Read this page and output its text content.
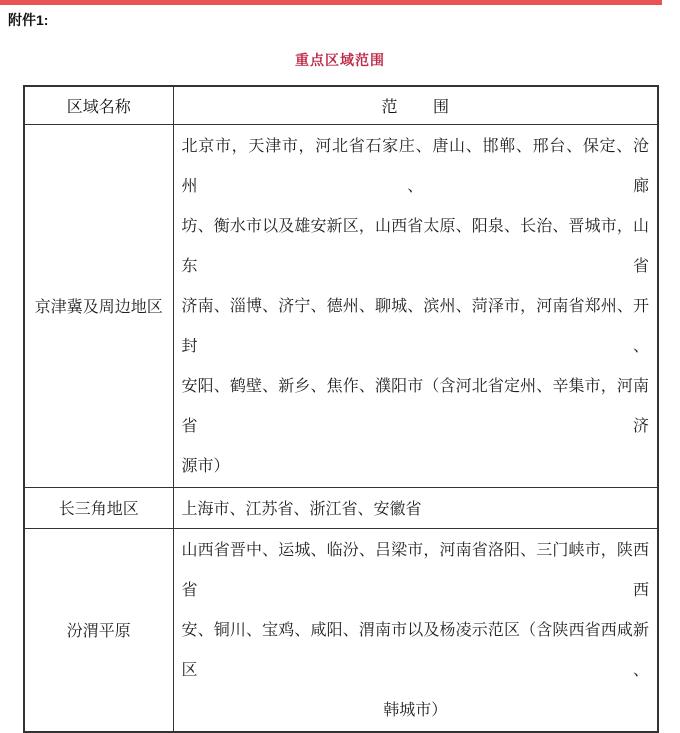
附件1:
重点区域范围
区域名称	范        围
京津冀及周边地区	北京市，天津市，河北省石家庄、唐山、邯郸、邢台、保定、沧州、廊
坊、衡水市以及雄安新区，山西省太原、阳泉、长治、晋城市，山东省
济南、淄博、济宁、德州、聊城、滨州、菏泽市，河南省郑州、开封、
安阳、鹤壁、新乡、焦作、濮阳市（含河北省定州、辛集市，河南省济
源市）

长三角地区	上海市、江苏省、浙江省、安徽省

汾渭平原	山西省晋中、运城、临汾、吕梁市，河南省洛阳、三门峡市，陕西省西
安、铜川、宝鸡、咸阳、渭南市以及杨凌示范区（含陕西省西咸新区、
韩城市）
